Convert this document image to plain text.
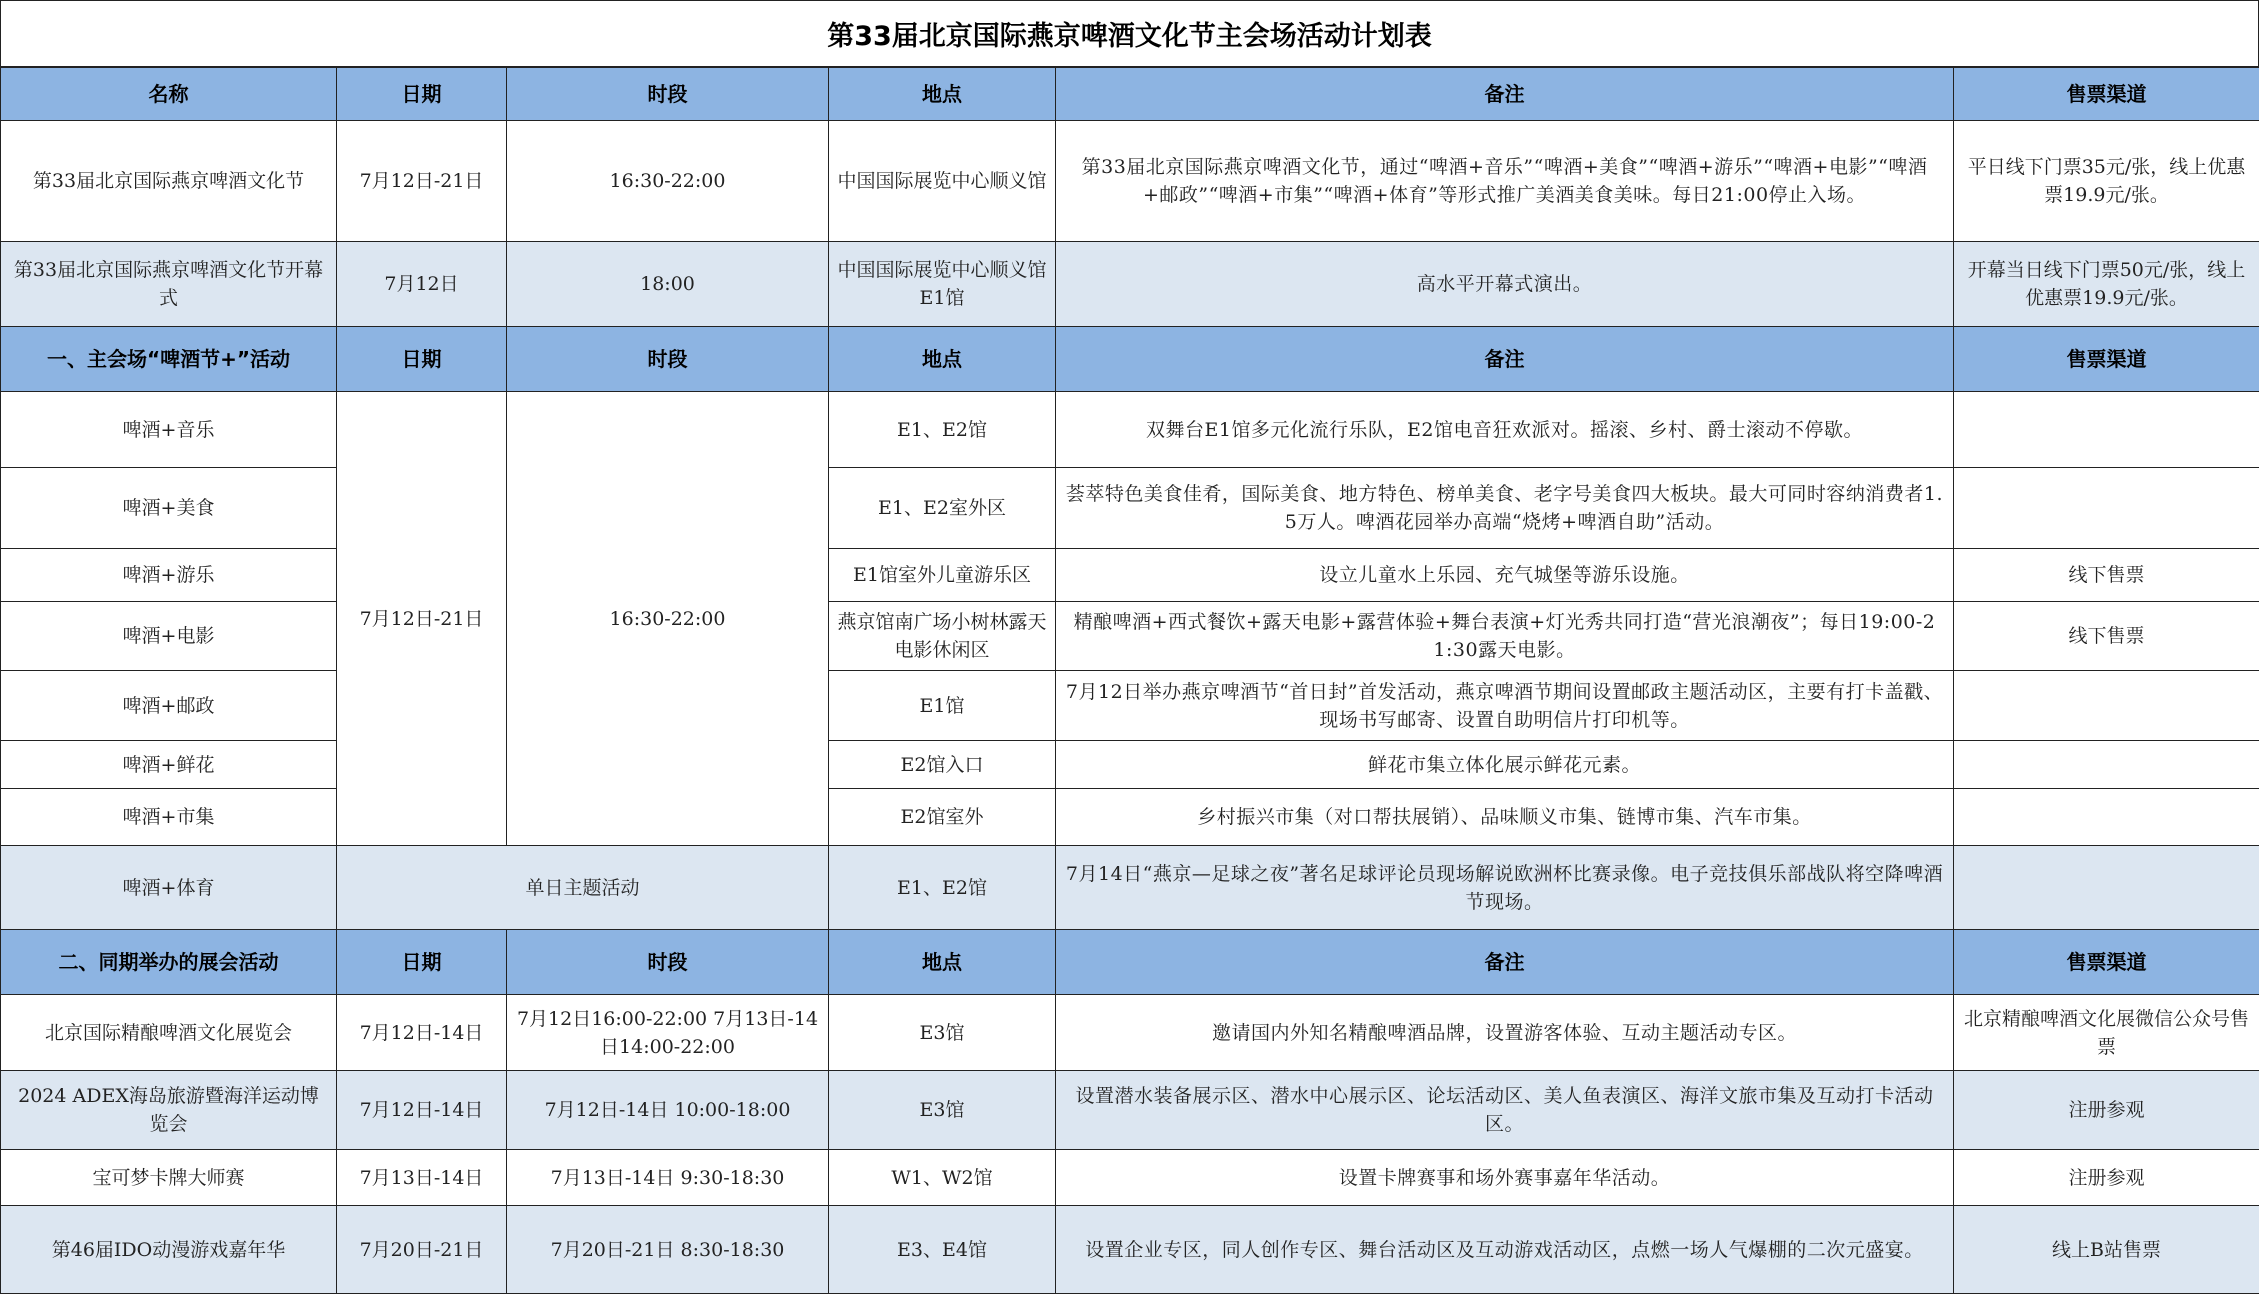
第33届北京国际燕京啤酒文化节主会场活动计划表
名称	日期	时段	地点	备注	售票渠道
第33届北京国际燕京啤酒文化节	7月12日-21日	16:30-22:00	中国国际展览中心顺义馆	第33届北京国际燕京啤酒文化节，通过“啤酒+音乐”“啤酒+美食”“啤酒+游乐”“啤酒+电影”“啤酒+邮政”“啤酒+市集”“啤酒+体育”等形式推广美酒美食美味。每日21:00停止入场。	平日线下门票35元/张，线上优惠票19.9元/张。
第33届北京国际燕京啤酒文化节开幕式	7月12日	18:00	中国国际展览中心顺义馆E1馆	高水平开幕式演出。	开幕当日线下门票50元/张，线上优惠票19.9元/张。
一、主会场“啤酒节+”活动	日期	时段	地点	备注	售票渠道
啤酒+音乐	7月12日-21日	16:30-22:00	E1、E2馆	双舞台E1馆多元化流行乐队，E2馆电音狂欢派对。摇滚、乡村、爵士滚动不停歇。	
啤酒+美食			E1、E2室外区	荟萃特色美食佳肴，国际美食、地方特色、榜单美食、老字号美食四大板块。最大可同时容纳消费者1.5万人。啤酒花园举办高端“烧烤+啤酒自助”活动。	
啤酒+游乐			E1馆室外儿童游乐区	设立儿童水上乐园、充气城堡等游乐设施。	线下售票
啤酒+电影			燕京馆南广场小树林露天电影休闲区	精酿啤酒+西式餐饮+露天电影+露营体验+舞台表演+灯光秀共同打造“营光浪潮夜”；每日19:00-21:30露天电影。	线下售票
啤酒+邮政			E1馆	7月12日举办燕京啤酒节“首日封”首发活动，燕京啤酒节期间设置邮政主题活动区，主要有打卡盖戳、现场书写邮寄、设置自助明信片打印机等。	
啤酒+鲜花			E2馆入口	鲜花市集立体化展示鲜花元素。	
啤酒+市集			E2馆室外	乡村振兴市集（对口帮扶展销）、品味顺义市集、链博市集、汽车市集。	
啤酒+体育	单日主题活动		E1、E2馆	7月14日“燕京—足球之夜”著名足球评论员现场解说欧洲杯比赛录像。电子竞技俱乐部战队将空降啤酒节现场。	
二、同期举办的展会活动	日期	时段	地点	备注	售票渠道
北京国际精酿啤酒文化展览会	7月12日-14日	7月12日16:00-22:00 7月13日-14日14:00-22:00	E3馆	邀请国内外知名精酿啤酒品牌，设置游客体验、互动主题活动专区。	北京精酿啤酒文化展微信公众号售票
2024 ADEX海岛旅游暨海洋运动博览会	7月12日-14日	7月12日-14日 10:00-18:00	E3馆	设置潜水装备展示区、潜水中心展示区、论坛活动区、美人鱼表演区、海洋文旅市集及互动打卡活动区。	注册参观
宝可梦卡牌大师赛	7月13日-14日	7月13日-14日 9:30-18:30	W1、W2馆	设置卡牌赛事和场外赛事嘉年华活动。	注册参观
第46届IDO动漫游戏嘉年华	7月20日-21日	7月20日-21日 8:30-18:30	E3、E4馆	设置企业专区，同人创作专区、舞台活动区及互动游戏活动区，点燃一场人气爆棚的二次元盛宴。	线上B站售票
